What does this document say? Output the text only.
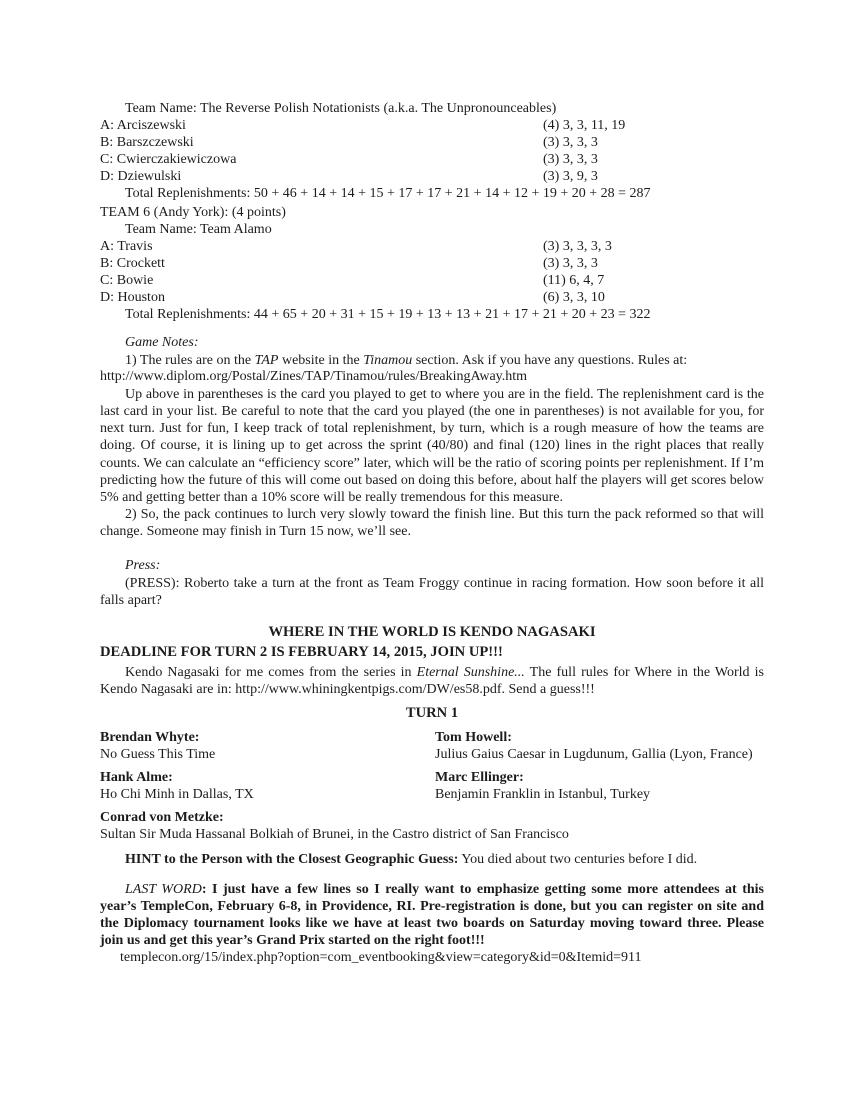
Team Name: The Reverse Polish Notationists (a.k.a. The Unpronounceables)
A: Arciszewski	(4) 3, 3, 11, 19
B: Barszczewski	(3) 3, 3, 3
C: Cwierczakiewiczowa	(3) 3, 3, 3
D: Dziewulski	(3) 3, 9, 3
Total Replenishments: 50 + 46 + 14 + 14 + 15 + 17 + 17 + 21 + 14 + 12 + 19 + 20 + 28 = 287
TEAM 6 (Andy York): (4 points)
Team Name: Team Alamo
A: Travis	(3) 3, 3, 3, 3
B: Crockett	(3) 3, 3, 3
C: Bowie	(11) 6, 4, 7
D: Houston	(6) 3, 3, 10
Total Replenishments: 44 + 65 + 20 + 31 + 15 + 19 + 13 + 13 + 21 + 17 + 21 + 20 + 23 = 322
Game Notes:
1) The rules are on the TAP website in the Tinamou section. Ask if you have any questions. Rules at:
http://www.diplom.org/Postal/Zines/TAP/Tinamou/rules/BreakingAway.htm
Up above in parentheses is the card you played to get to where you are in the field. The replenishment card is the last card in your list. Be careful to note that the card you played (the one in parentheses) is not available for you, for next turn. Just for fun, I keep track of total replenishment, by turn, which is a rough measure of how the teams are doing. Of course, it is lining up to get across the sprint (40/80) and final (120) lines in the right places that really counts. We can calculate an “efficiency score” later, which will be the ratio of scoring points per replenishment. If I’m predicting how the future of this will come out based on doing this before, about half the players will get scores below 5% and getting better than a 10% score will be really tremendous for this measure.
2) So, the pack continues to lurch very slowly toward the finish line. But this turn the pack reformed so that will change. Someone may finish in Turn 15 now, we’ll see.
Press:
(PRESS): Roberto take a turn at the front as Team Froggy continue in racing formation. How soon before it all falls apart?
WHERE IN THE WORLD IS KENDO NAGASAKI
DEADLINE FOR TURN 2 IS FEBRUARY 14, 2015, JOIN UP!!!
Kendo Nagasaki for me comes from the series in Eternal Sunshine... The full rules for Where in the World is Kendo Nagasaki are in: http://www.whiningkentpigs.com/DW/es58.pdf. Send a guess!!!
TURN 1
Brendan Whyte:
No Guess This Time
Tom Howell:
Julius Gaius Caesar in Lugdunum, Gallia (Lyon, France)
Hank Alme:
Ho Chi Minh in Dallas, TX
Marc Ellinger:
Benjamin Franklin in Istanbul, Turkey
Conrad von Metzke:
Sultan Sir Muda Hassanal Bolkiah of Brunei, in the Castro district of San Francisco
HINT to the Person with the Closest Geographic Guess: You died about two centuries before I did.
LAST WORD: I just have a few lines so I really want to emphasize getting some more attendees at this year’s TempleCon, February 6-8, in Providence, RI. Pre-registration is done, but you can register on site and the Diplomacy tournament looks like we have at least two boards on Saturday moving toward three. Please join us and get this year’s Grand Prix started on the right foot!!!
templecon.org/15/index.php?option=com_eventbooking&view=category&id=0&Itemid=911
